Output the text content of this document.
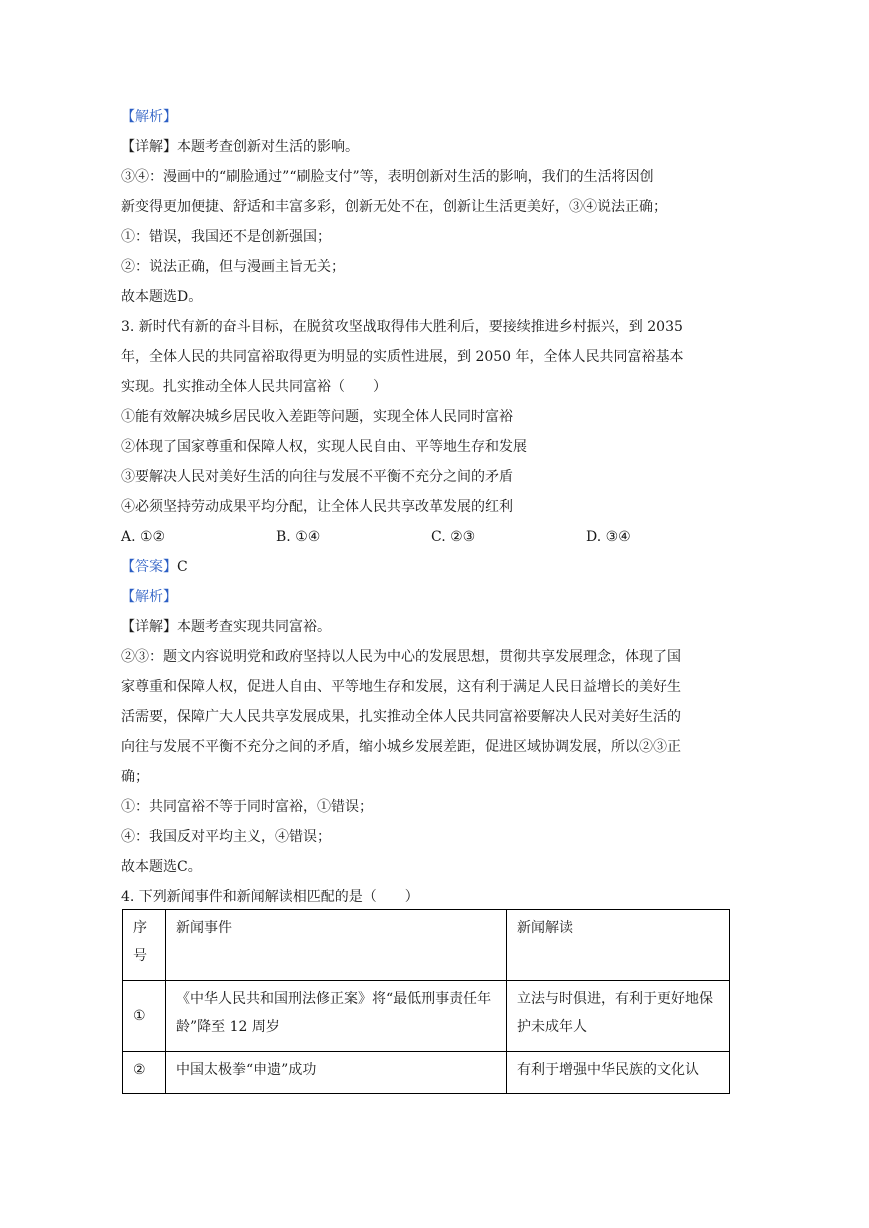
【解析】
【详解】本题考查创新对生活的影响。
③④：漫画中的“刷脸通过”“刷脸支付”等，表明创新对生活的影响，我们的生活将因创
新变得更加便捷、舒适和丰富多彩，创新无处不在，创新让生活更美好，③④说法正确；
①：错误，我国还不是创新强国；
②：说法正确，但与漫画主旨无关；
故本题选D。
3. 新时代有新的奋斗目标，在脱贫攻坚战取得伟大胜利后，要接续推进乡村振兴，到 2035
年，全体人民的共同富裕取得更为明显的实质性进展，到 2050 年，全体人民共同富裕基本
实现。扎实推动全体人民共同富裕（　　）
①能有效解决城乡居民收入差距等问题，实现全体人民同时富裕
②体现了国家尊重和保障人权，实现人民自由、平等地生存和发展
③要解决人民对美好生活的向往与发展不平衡不充分之间的矛盾
④必须坚持劳动成果平均分配，让全体人民共享改革发展的红利
A. ①②	B. ①④	C. ②③	D. ③④
【答案】C
【解析】
【详解】本题考查实现共同富裕。
②③：题文内容说明党和政府坚持以人民为中心的发展思想，贯彻共享发展理念，体现了国
家尊重和保障人权，促进人自由、平等地生存和发展，这有利于满足人民日益增长的美好生
活需要，保障广大人民共享发展成果，扎实推动全体人民共同富裕要解决人民对美好生活的
向往与发展不平衡不充分之间的矛盾，缩小城乡发展差距，促进区域协调发展，所以②③正
确；
①：共同富裕不等于同时富裕，①错误；
④：我国反对平均主义，④错误；
故本题选C。
4. 下列新闻事件和新闻解读相匹配的是（　　）
序
号	新闻事件	新闻解读
①	《中华人民共和国刑法修正案》将“最低刑事责任年龄”降至 12 周岁	立法与时俱进，有利于更好地保护未成年人
②	中国太极拳“申遗”成功	有利于增强中华民族的文化认
